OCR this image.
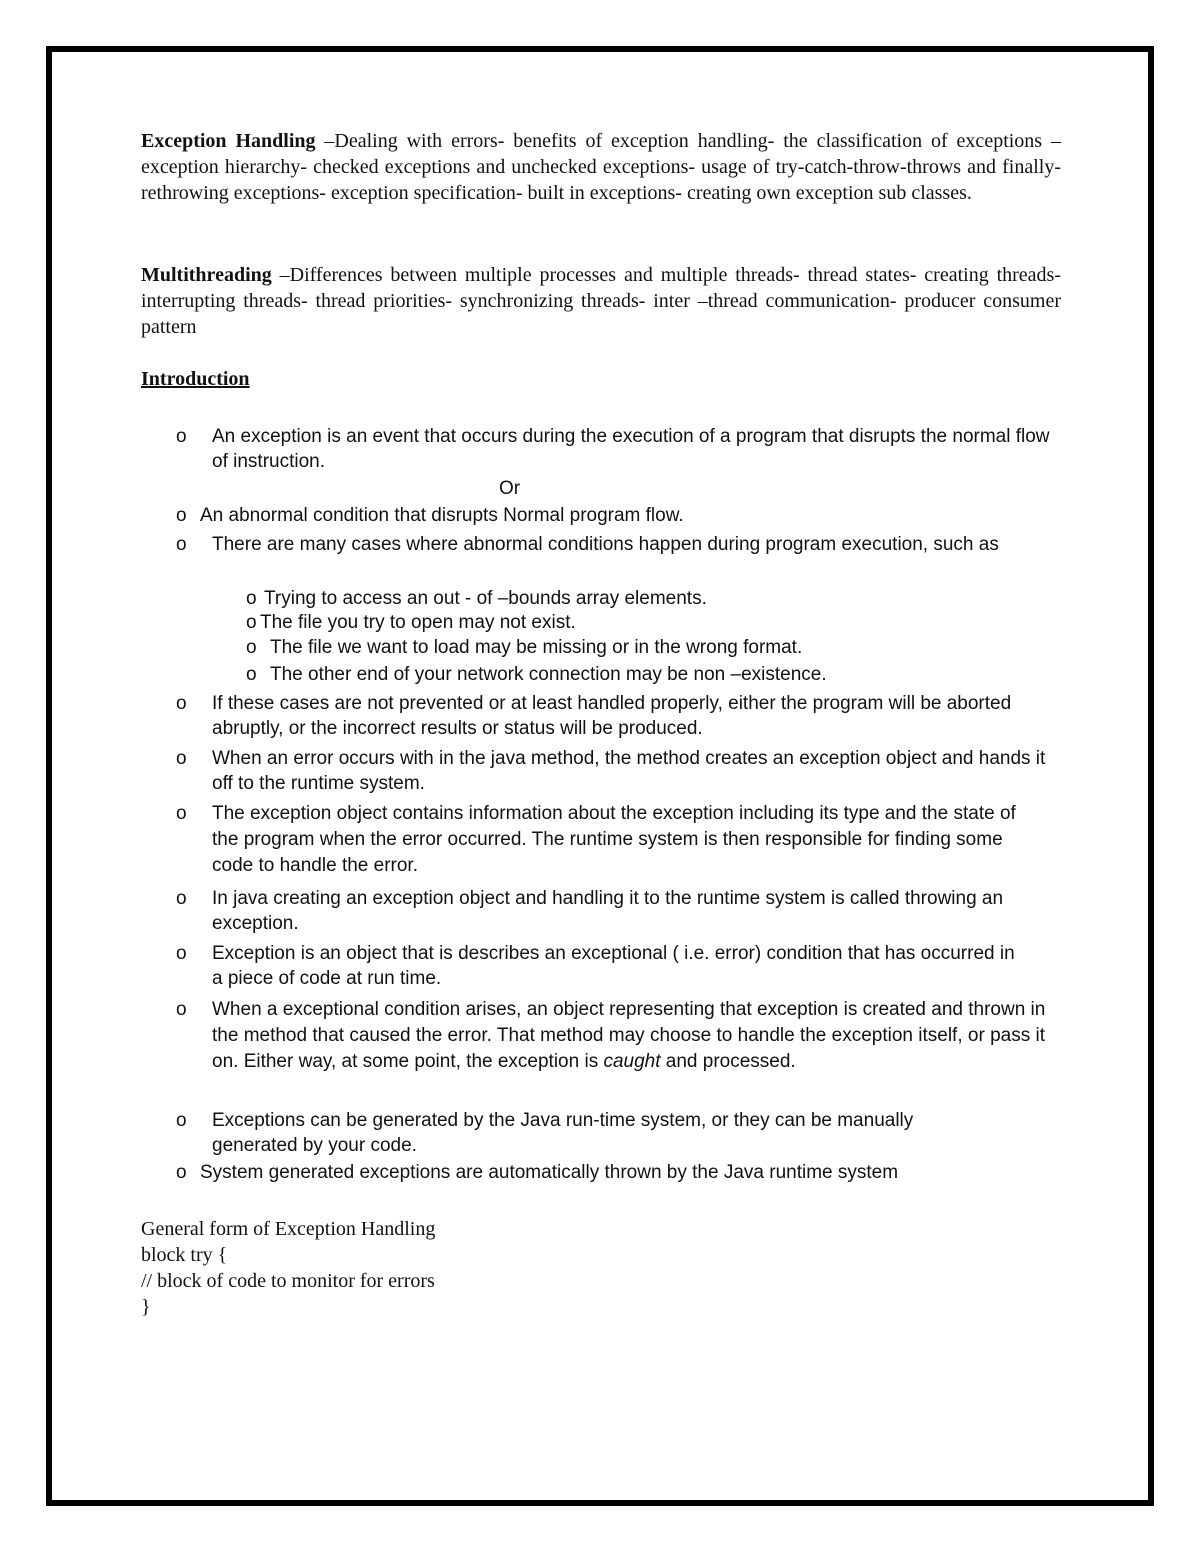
Exception Handling –Dealing with errors- benefits of exception handling- the classification of exceptions –exception hierarchy- checked exceptions and unchecked exceptions- usage of try-catch-throw-throws and finally-rethrowing exceptions- exception specification- built in exceptions- creating own exception sub classes.

Multithreading –Differences between multiple processes and multiple threads- thread states- creating threads- interrupting threads- thread priorities- synchronizing threads- inter –thread communication- producer consumer pattern

Introduction

o An exception is an event that occurs during the execution of a program that disrupts the normal flow of instruction.
Or
o An abnormal condition that disrupts Normal program flow.
o There are many cases where abnormal conditions happen during program execution, such as
o Trying to access an out - of –bounds array elements.
o The file you try to open may not exist.
o The file we want to load may be missing or in the wrong format.
o The other end of your network connection may be non –existence.
o If these cases are not prevented or at least handled properly, either the program will be aborted abruptly, or the incorrect results or status will be produced.
o When an error occurs with in the java method, the method creates an exception object and hands it off to the runtime system.
o The exception object contains information about the exception including its type and the state of the program when the error occurred. The runtime system is then responsible for finding some code to handle the error.
o In java creating an exception object and handling it to the runtime system is called throwing an exception.
o Exception is an object that is describes an exceptional ( i.e. error) condition that has occurred in a piece of code at run time.
o When a exceptional condition arises, an object representing that exception is created and thrown in the method that caused the error. That method may choose to handle the exception itself, or pass it on. Either way, at some point, the exception is caught and processed.
o Exceptions can be generated by the Java run-time system, or they can be manually generated by your code.
o System generated exceptions are automatically thrown by the Java runtime system
General form of Exception Handling
block try {
// block of code to monitor for errors
}
